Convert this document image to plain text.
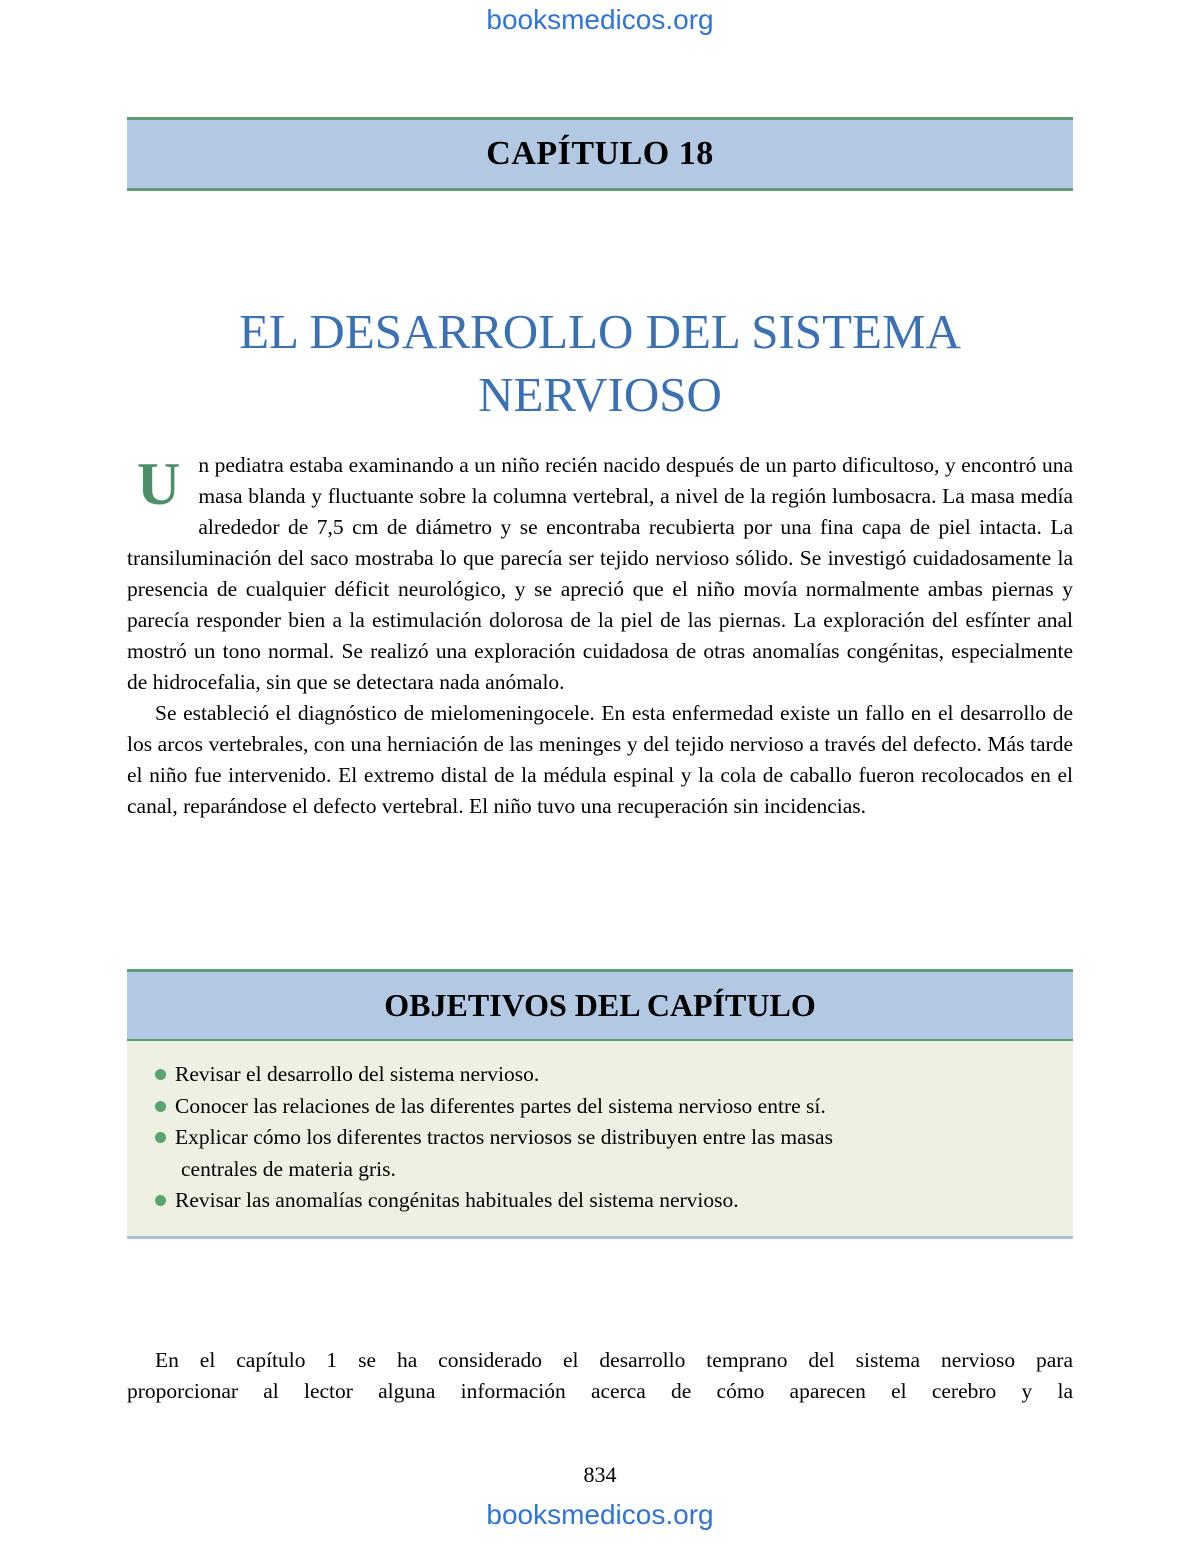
booksmedicos.org
CAPÍTULO 18
EL DESARROLLO DEL SISTEMA
NERVIOSO
U n pediatra estaba examinando a un niño recién nacido después de un parto dificultoso, y encontró una masa blanda y fluctuante sobre la columna vertebral, a nivel de la región lumbosacra. La masa medía alrededor de 7,5 cm de diámetro y se encontraba recubierta por una fina capa de piel intacta. La transiluminación del saco mostraba lo que parecía ser tejido nervioso sólido. Se investigó cuidadosamente la presencia de cualquier déficit neurológico, y se apreció que el niño movía normalmente ambas piernas y parecía responder bien a la estimulación dolorosa de la piel de las piernas. La exploración del esfínter anal mostró un tono normal. Se realizó una exploración cuidadosa de otras anomalías congénitas, especialmente de hidrocefalia, sin que se detectara nada anómalo.

Se estableció el diagnóstico de mielomeningocele. En esta enfermedad existe un fallo en el desarrollo de los arcos vertebrales, con una herniación de las meninges y del tejido nervioso a través del defecto. Más tarde el niño fue intervenido. El extremo distal de la médula espinal y la cola de caballo fueron recolocados en el canal, reparándose el defecto vertebral. El niño tuvo una recuperación sin incidencias.

OBJETIVOS DEL CAPÍTULO
Revisar el desarrollo del sistema nervioso.
Conocer las relaciones de las diferentes partes del sistema nervioso entre sí.
Explicar cómo los diferentes tractos nerviosos se distribuyen entre las masas
centrales de materia gris.
Revisar las anomalías congénitas habituales del sistema nervioso.

En el capítulo 1 se ha considerado el desarrollo temprano del sistema nervioso para
proporcionar al lector alguna información acerca de cómo aparecen el cerebro y la

834
booksmedicos.org
